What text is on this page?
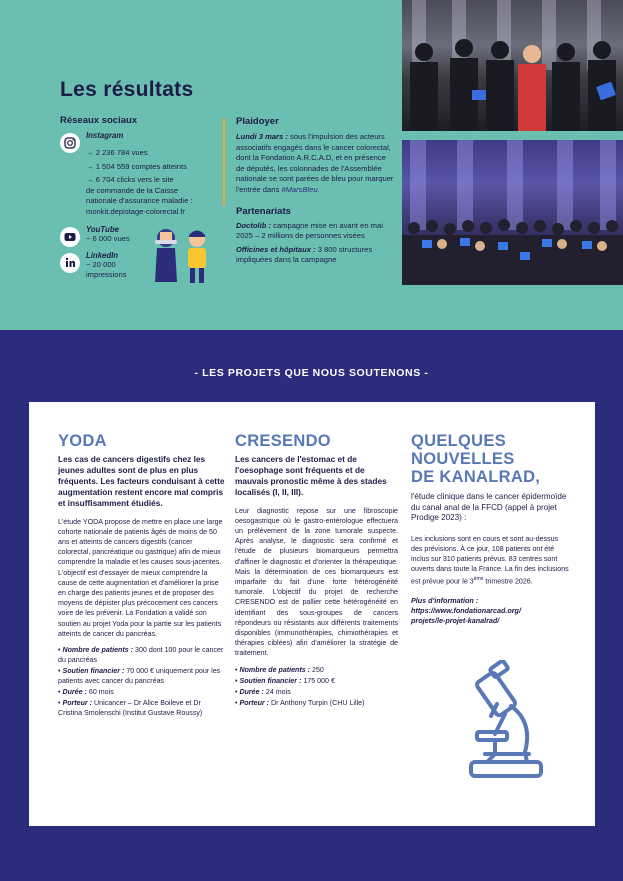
Les résultats
Réseaux sociaux
Instagram
→ 2 236 784 vues
→ 1 504 559 comptes atteints
→ 6 704 clicks vers le site
de commande de la Caisse
nationale d'assurance maladie :
monkit.depistage-colorectal.fr
YouTube
~ 6 000 vues
LinkedIn
~ 20 000
impressions
Plaidoyer

Lundi 3 mars : sous l'impulsion des acteurs associatifs engagés dans le cancer colorectal, dont la Fondation A.R.C.A.D, et en présence de députés, les colonnades de l'Assemblée nationale se sont parées de bleu pour marquer l'entrée dans #MarsBleu.

Partenariats

Doctolib : campagne mise en avant en mai 2025 – 2 millions de personnes visées

Officines et hôpitaux : 3 800 structures impliquées dans la campagne

- LES PROJETS QUE NOUS SOUTENONS -
YODA

Les cas de cancers digestifs chez les jeunes adultes sont de plus en plus fréquents. Les facteurs conduisant à cette augmentation restent encore mal compris et insuffisamment étudiés.

L'étude YODA propose de mettre en place une large cohorte nationale de patients âgés de moins de 50 ans et atteints de cancers digestifs (cancer colorectal, pancréatique ou gastrique) afin de mieux comprendre la maladie et les causes sous-jacentes. L'objectif est d'essayer de mieux comprendre la cause de cette augmentation et d'améliorer la prise en charge des patients jeunes et de proposer des moyens de dépister plus précocement ces cancers voire de les prévenir. La Fondation a validé son soutien au projet Yoda pour la partie sur les patients atteints de cancer du pancréas.

• Nombre de patients : 300 dont 100 pour le cancer du pancréas
• Soutien financier : 70 000 € uniquement pour les patients avec cancer du pancréas
• Durée : 60 mois
• Porteur : Unicancer – Dr Alice Boileve et Dr Cristina Smolenschi (Institut Gustave Roussy)
CRESENDO

Les cancers de l'estomac et de l'oesophage sont fréquents et de mauvais pronostic même à des stades localisés (I, II, III).

Leur diagnostic repose sur une fibroscopie oesogastrique où le gastro-entérologue effectuera un prélèvement de la zone tumorale suspecte. Après analyse, le diagnostic sera confirmé et l'étude de plusieurs biomarqueurs permettra d'affiner le diagnostic et d'orienter la thérapeutique. Mais la détermination de ces biomarqueurs est imparfaite du fait d'une forte hétérogénéité tumorale. L'objectif du projet de recherche CRESENDO est de pallier cette hétérogénéité en identifiant des sous-groupes de cancers répondeurs ou résistants aux différents traitements disponibles (immunothérapies, chimiothérapies et thérapies ciblées) afin d'améliorer la stratégie de traitement.

• Nombre de patients : 250
• Soutien financier : 175 000 €
• Durée : 24 mois
• Porteur : Dr Anthony Turpin (CHU Lille)
QUELQUES
NOUVELLES
DE KANALRAD,

l'étude clinique dans le cancer épidermoïde du canal anal de la FFCD (appel à projet Prodige 2023) :

Les inclusions sont en cours et sont au-dessus des prévisions. À ce jour, 108 patients ont été inclus sur 310 patients prévus. 83 centres sont ouverts dans toute la France. La fin des inclusions est prévue pour le 3ème trimestre 2026.

Plus d'information :
https://www.fondationarcad.org/
projets/le-projet-kanalrad/
